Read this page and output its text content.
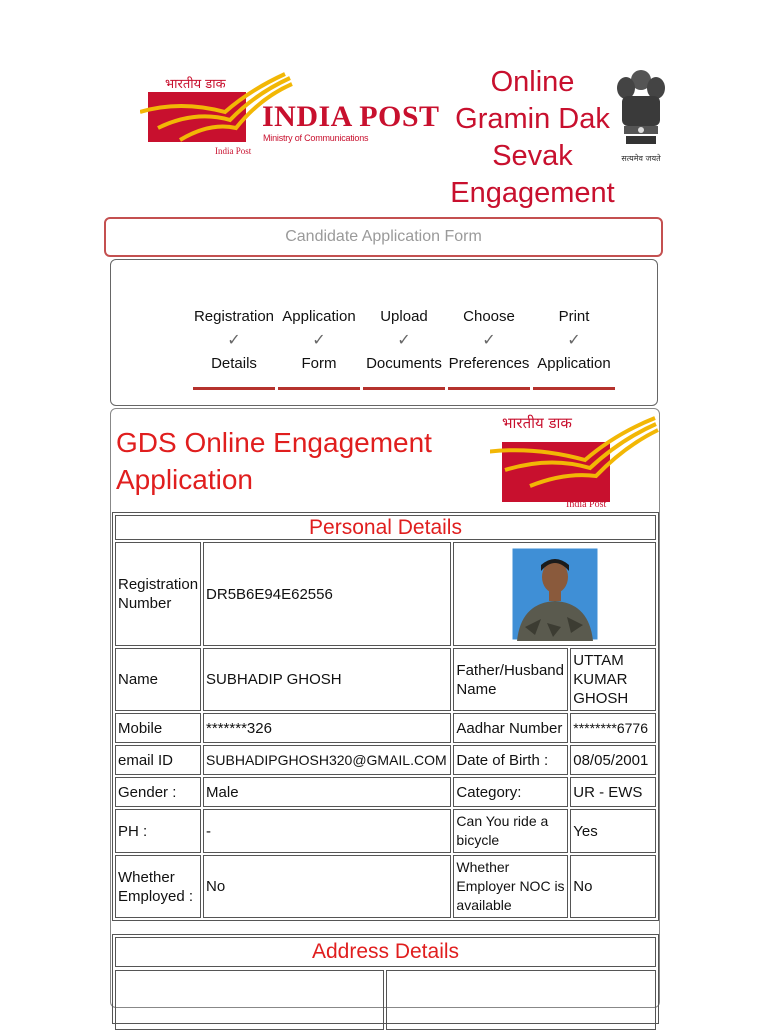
भारतीय डाक
INDIA POST
Ministry of Communications
India Post
Online
Gramin Dak
Sevak
Engagement
सत्यमेव जयते
Candidate Application Form
Registration
✓
Details
Application
✓
Form
Upload
✓
Documents
Choose
✓
Preferences
Print
✓
Application
GDS Online Engagement Application
भारतीय डाक
India Post
Personal Details			
Registration Number	DR5B6E94E62556	

Name	SUBHADIP GHOSH	Father/Husband Name	UTTAM KUMAR GHOSH
Mobile	*******326	Aadhar Number	********6776
email ID	SUBHADIPGHOSH320@GMAIL.COM	Date of Birth :	08/05/2001
Gender :	Male	Category:	UR - EWS
PH :	-	Can You ride a bicycle	Yes
Whether Employed :	No	Whether Employer NOC is available	No
Address Details
